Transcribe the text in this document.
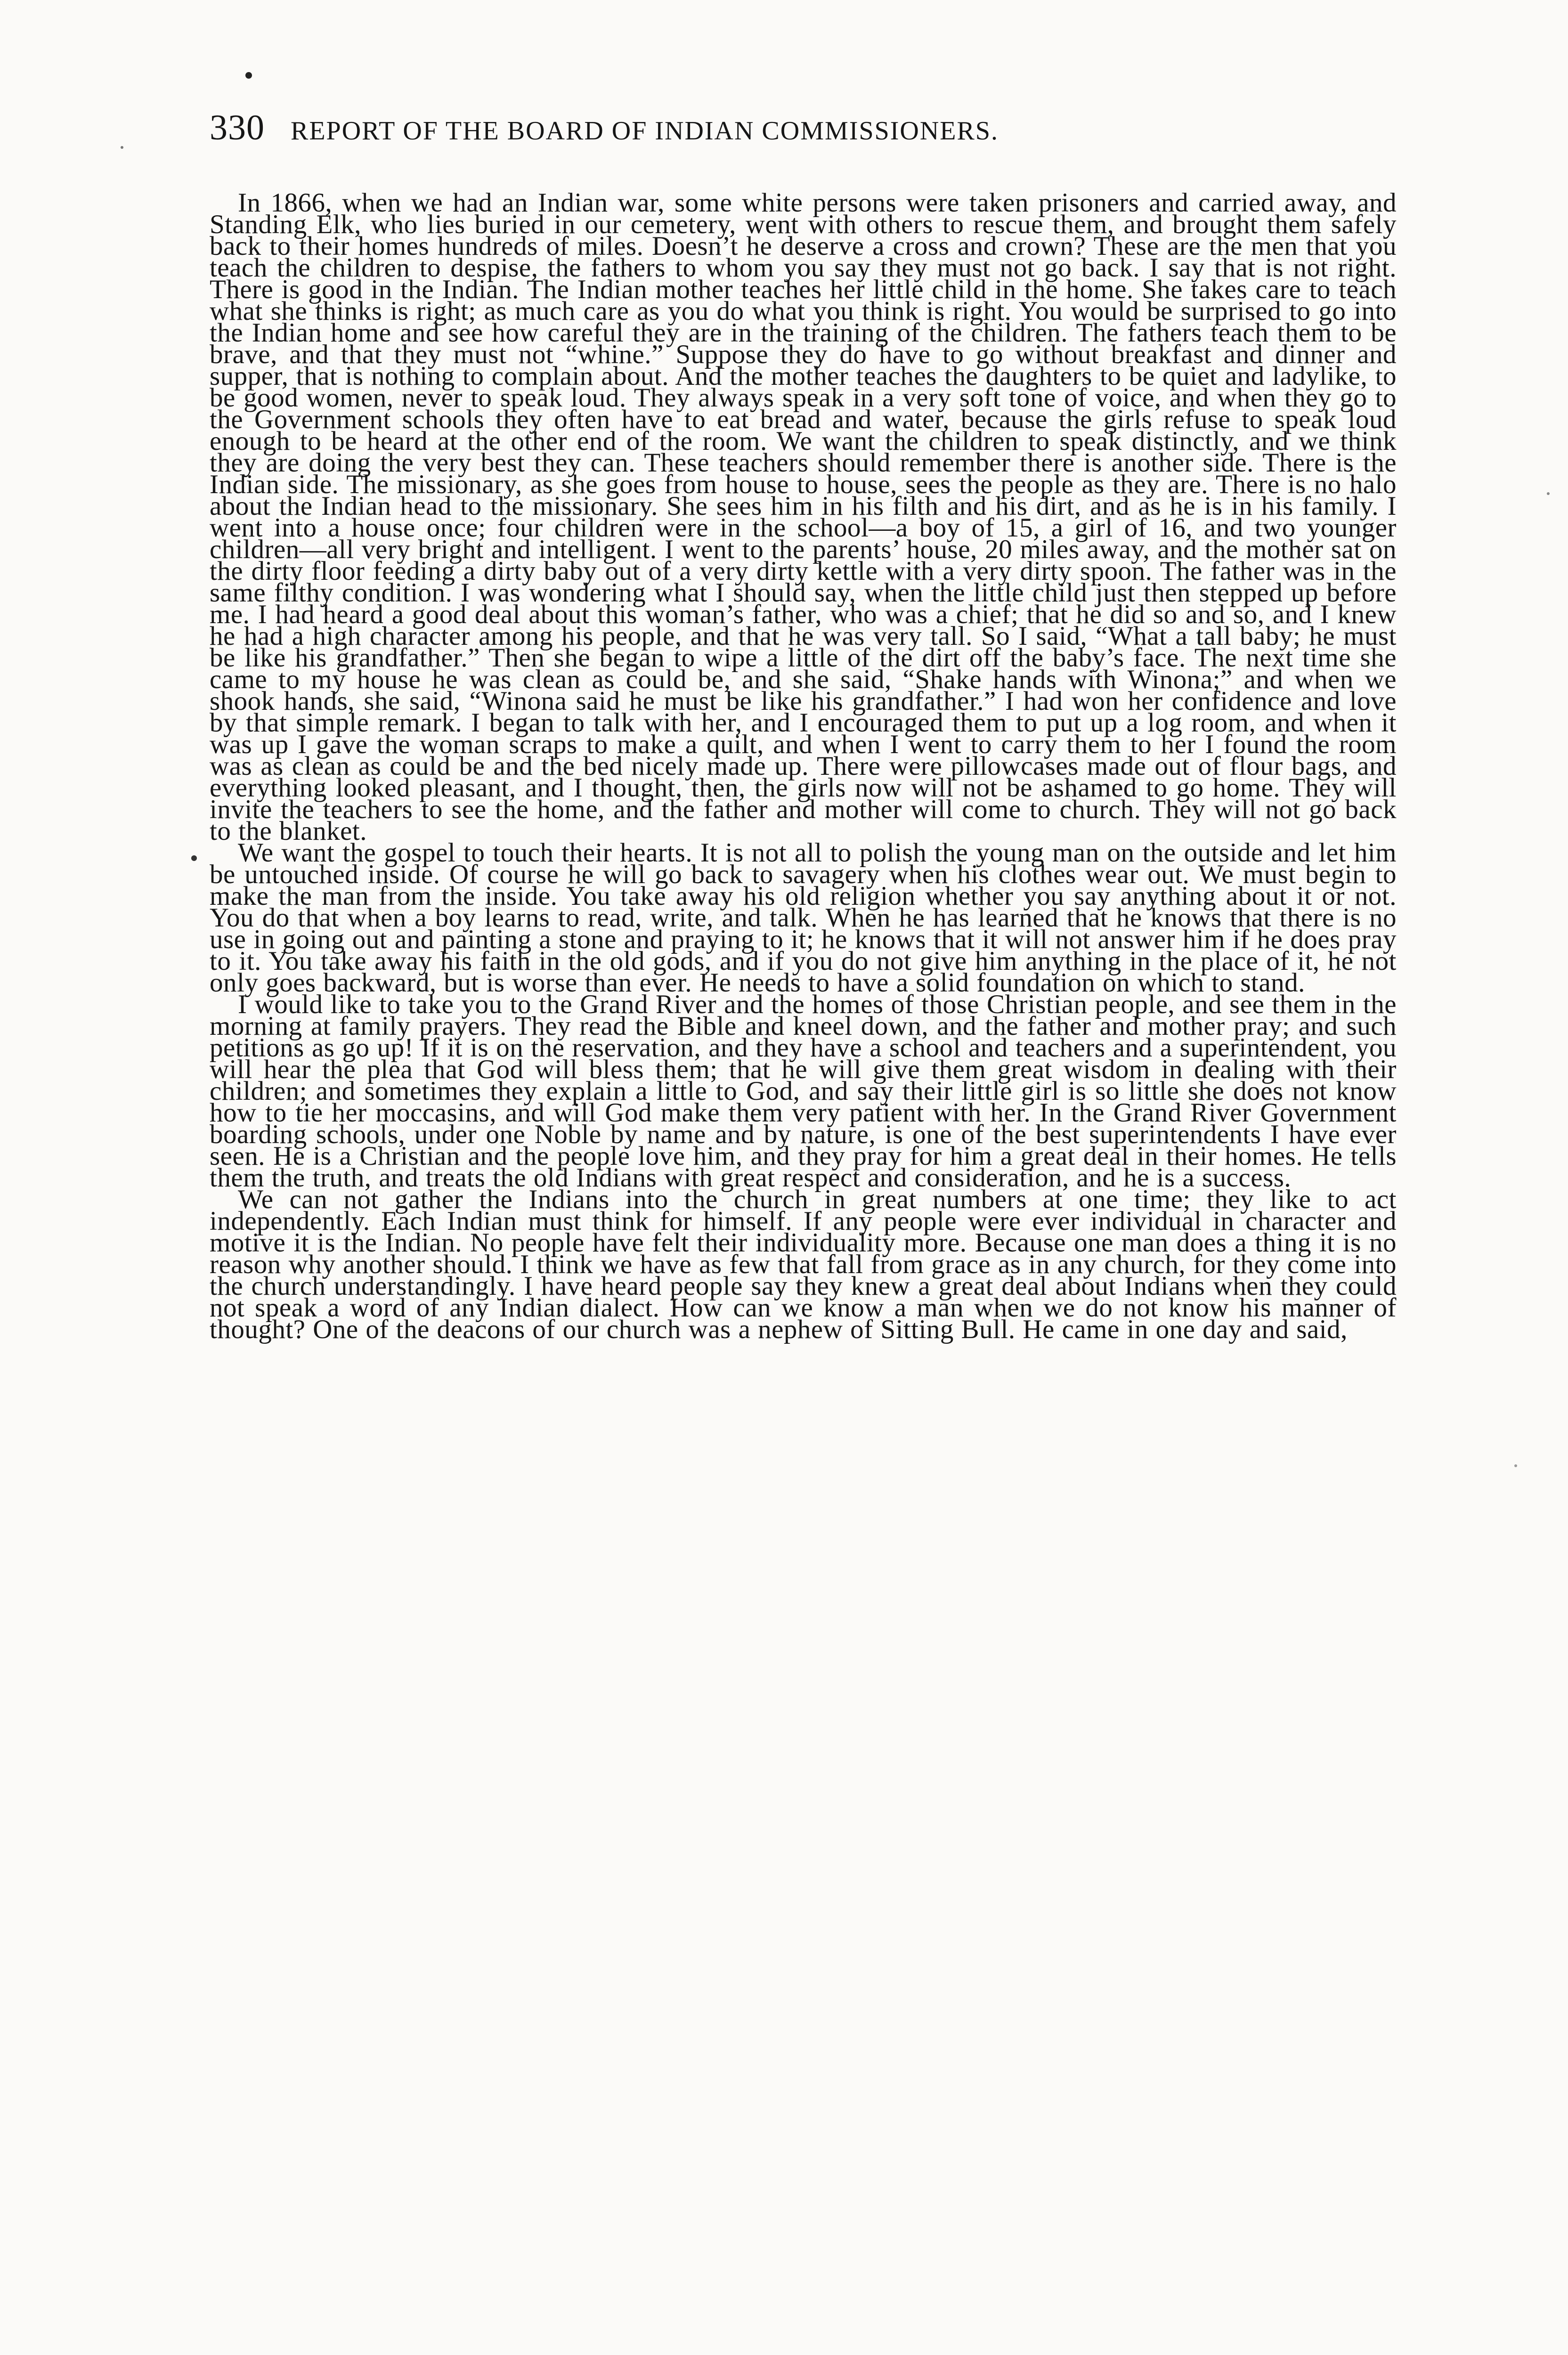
330 REPORT OF THE BOARD OF INDIAN COMMISSIONERS.

In 1866, when we had an Indian war, some white persons were taken prisoners and carried away, and Standing Elk, who lies buried in our cemetery, went with others to rescue them, and brought them safely back to their homes hundreds of miles. Doesn’t he deserve a cross and crown? These are the men that you teach the children to despise, the fathers to whom you say they must not go back. I say that is not right. There is good in the Indian. The Indian mother teaches her little child in the home. She takes care to teach what she thinks is right; as much care as you do what you think is right. You would be surprised to go into the Indian home and see how careful they are in the training of the children. The fathers teach them to be brave, and that they must not “whine.” Suppose they do have to go without breakfast and dinner and supper, that is nothing to complain about. And the mother teaches the daughters to be quiet and ladylike, to be good women, never to speak loud. They always speak in a very soft tone of voice, and when they go to the Government schools they often have to eat bread and water, because the girls refuse to speak loud enough to be heard at the other end of the room. We want the children to speak distinctly, and we think they are doing the very best they can. These teachers should remember there is another side. There is the Indian side. The missionary, as she goes from house to house, sees the people as they are. There is no halo about the Indian head to the missionary. She sees him in his filth and his dirt, and as he is in his family. I went into a house once; four children were in the school—a boy of 15, a girl of 16, and two younger children—all very bright and intelligent. I went to the parents’ house, 20 miles away, and the mother sat on the dirty floor feeding a dirty baby out of a very dirty kettle with a very dirty spoon. The father was in the same filthy condition. I was wondering what I should say, when the little child just then stepped up before me. I had heard a good deal about this woman’s father, who was a chief; that he did so and so, and I knew he had a high character among his people, and that he was very tall. So I said, “What a tall baby; he must be like his grandfather.” Then she began to wipe a little of the dirt off the baby’s face. The next time she came to my house he was clean as could be, and she said, “Shake hands with Winona;” and when we shook hands, she said, “Winona said he must be like his grandfather.” I had won her confidence and love by that simple remark. I began to talk with her, and I encouraged them to put up a log room, and when it was up I gave the woman scraps to make a quilt, and when I went to carry them to her I found the room was as clean as could be and the bed nicely made up. There were pillowcases made out of flour bags, and everything looked pleasant, and I thought, then, the girls now will not be ashamed to go home. They will invite the teachers to see the home, and the father and mother will come to church. They will not go back to the blanket.

We want the gospel to touch their hearts. It is not all to polish the young man on the outside and let him be untouched inside. Of course he will go back to savagery when his clothes wear out. We must begin to make the man from the inside. You take away his old religion whether you say anything about it or not. You do that when a boy learns to read, write, and talk. When he has learned that he knows that there is no use in going out and painting a stone and praying to it; he knows that it will not answer him if he does pray to it. You take away his faith in the old gods, and if you do not give him anything in the place of it, he not only goes backward, but is worse than ever. He needs to have a solid foundation on which to stand.

I would like to take you to the Grand River and the homes of those Christian people, and see them in the morning at family prayers. They read the Bible and kneel down, and the father and mother pray; and such petitions as go up! If it is on the reservation, and they have a school and teachers and a superintendent, you will hear the plea that God will bless them; that he will give them great wisdom in dealing with their children; and sometimes they explain a little to God, and say their little girl is so little she does not know how to tie her moccasins, and will God make them very patient with her. In the Grand River Government boarding schools, under one Noble by name and by nature, is one of the best superintendents I have ever seen. He is a Christian and the people love him, and they pray for him a great deal in their homes. He tells them the truth, and treats the old Indians with great respect and consideration, and he is a success.

We can not gather the Indians into the church in great numbers at one time; they like to act independently. Each Indian must think for himself. If any people were ever individual in character and motive it is the Indian. No people have felt their individuality more. Because one man does a thing it is no reason why another should. I think we have as few that fall from grace as in any church, for they come into the church understandingly. I have heard people say they knew a great deal about Indians when they could not speak a word of any Indian dialect. How can we know a man when we do not know his manner of thought? One of the deacons of our church was a nephew of Sitting Bull. He came in one day and said,
